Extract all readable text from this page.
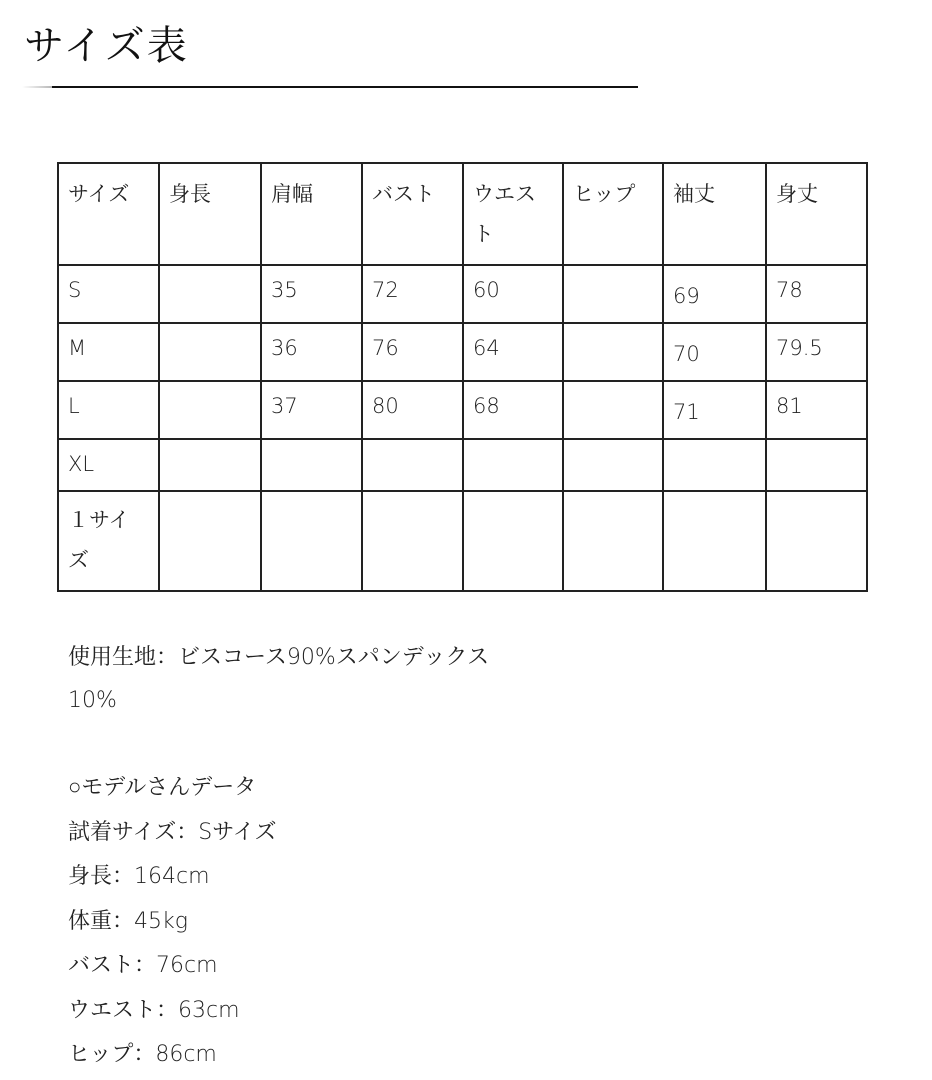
サイズ表
サイズ	身長	肩幅	バスト	ウエスト	ヒップ	袖丈	身丈
S		35	72	60		69	78
M		36	76	64		70	79.5
L		37	80	68		71	81
XL							
１サイズ							
使用生地：ビスコース90%スパンデックス
10%
○モデルさんデータ
試着サイズ：Sサイズ
身長：164cm
体重：45kg
バスト：76cm
ウエスト：63cm
ヒップ：86cm
